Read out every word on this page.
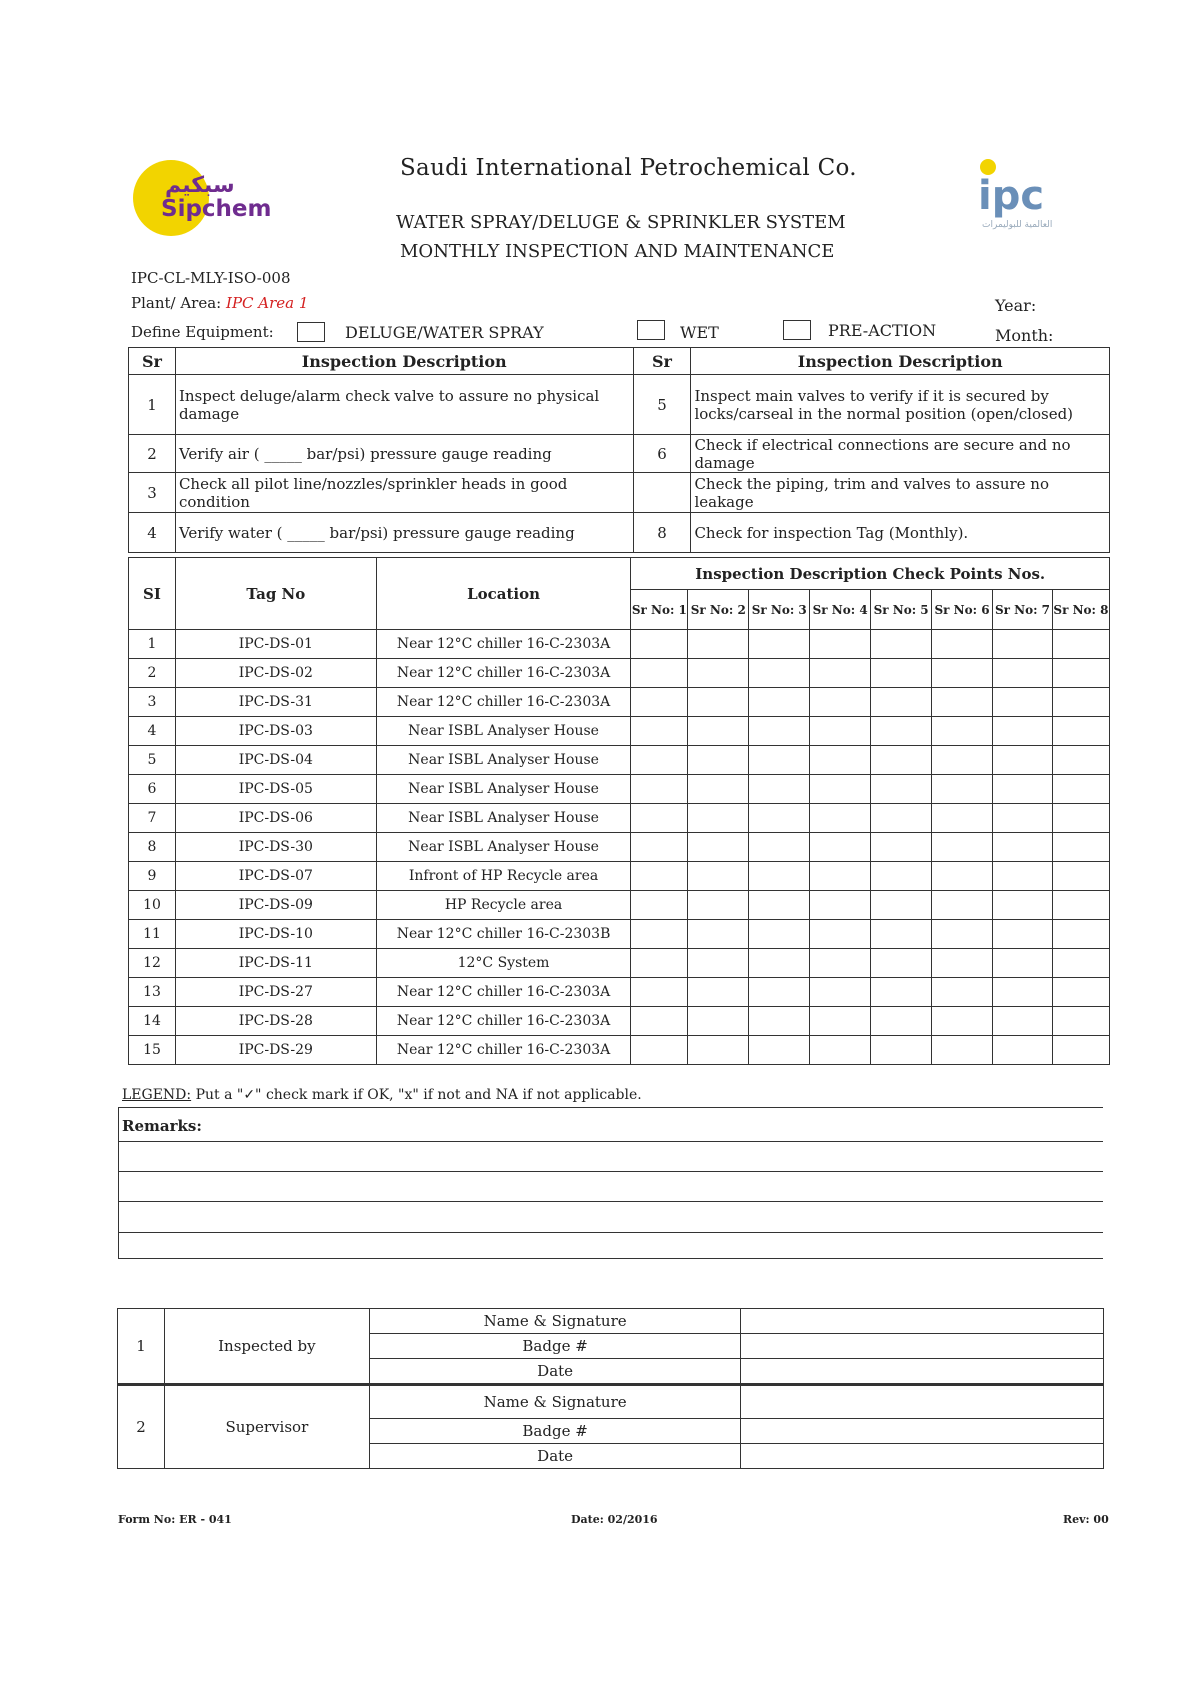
سبكيم
Sipchem	ipc
العالمية للبوليمرات
Saudi International Petrochemical Co.
WATER SPRAY/DELUGE & SPRINKLER SYSTEM
MONTHLY INSPECTION AND MAINTENANCE
IPC-CL-MLY-ISO-008
Plant/ Area: IPC Area 1	Year:
Month:
Define Equipment:	DELUGE/WATER SPRAY	WET	PRE-ACTION
Sr	Inspection Description	Sr	Inspection Description
1	Inspect deluge/alarm check valve to assure no physical damage	5	Inspect main valves to verify if it is secured by locks/carseal in the normal position (open/closed)
2	Verify air ( _____ bar/psi) pressure gauge reading	6	Check if electrical connections are secure and no damage
3	Check all pilot line/nozzles/sprinkler heads in good condition		Check the piping, trim and valves to assure no leakage
4	Verify water ( _____ bar/psi) pressure gauge reading	8	Check for inspection Tag (Monthly).
SI	Tag No	Location	Inspection Description Check Points Nos.							
			Sr No: 1	Sr No: 2	Sr No: 3	Sr No: 4	Sr No: 5	Sr No: 6	Sr No: 7	Sr No: 8
1	IPC-DS-01	Near 12°C chiller 16-C-2303A								
2	IPC-DS-02	Near 12°C chiller 16-C-2303A								
3	IPC-DS-31	Near 12°C chiller 16-C-2303A								
4	IPC-DS-03	Near ISBL Analyser House								
5	IPC-DS-04	Near ISBL Analyser House								
6	IPC-DS-05	Near ISBL Analyser House								
7	IPC-DS-06	Near ISBL Analyser House								
8	IPC-DS-30	Near ISBL Analyser House								
9	IPC-DS-07	Infront of HP Recycle area								
10	IPC-DS-09	HP Recycle area								
11	IPC-DS-10	Near 12°C chiller 16-C-2303B								
12	IPC-DS-11	12°C System								
13	IPC-DS-27	Near 12°C chiller 16-C-2303A								
14	IPC-DS-28	Near 12°C chiller 16-C-2303A								
15	IPC-DS-29	Near 12°C chiller 16-C-2303A								
LEGEND: Put a "✓" check mark if OK, "x" if not and NA if not applicable.
Remarks:
1	Inspected by	Name & Signature	
		Badge #	
		Date	
2	Supervisor	Name & Signature	
		Badge #	
		Date	
Form No: ER - 041	Date: 02/2016	Rev: 00
